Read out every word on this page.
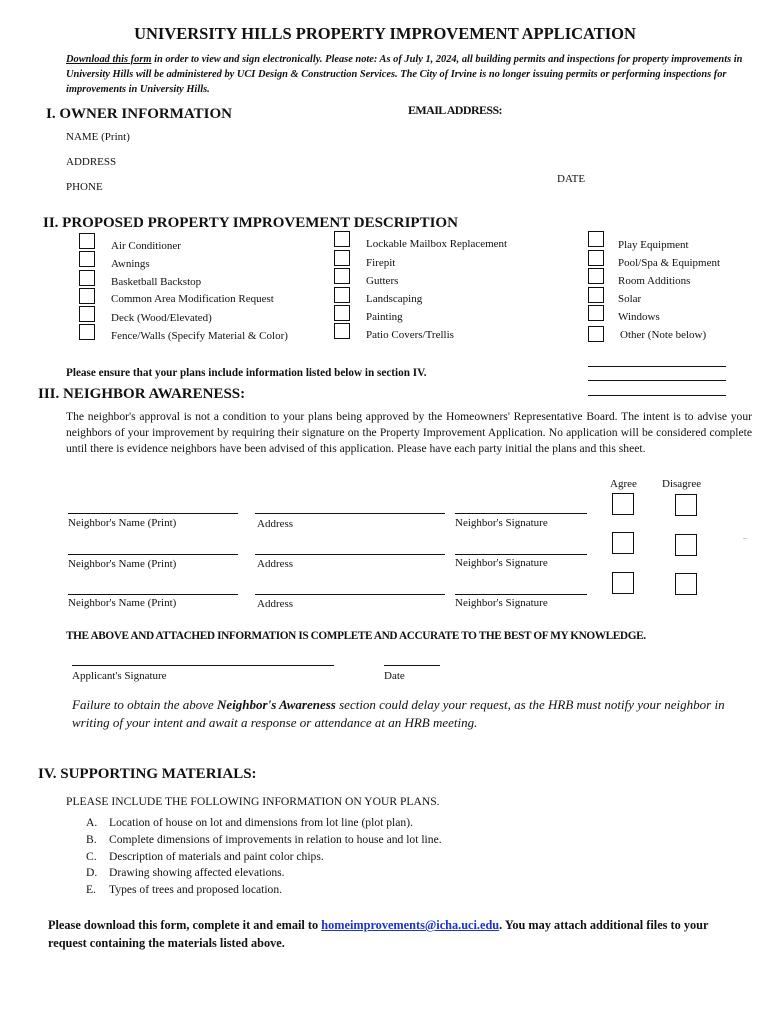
UNIVERSITY HILLS PROPERTY IMPROVEMENT APPLICATION
Download this form in order to view and sign electronically. Please note: As of July 1, 2024, all building permits and inspections for property improvements in University Hills will be administered by UCI Design & Construction Services. The City of Irvine is no longer issuing permits or performing inspections for improvements in University Hills.
I. OWNER INFORMATION	EMAIL ADDRESS:
NAME (Print)
ADDRESS
DATE
PHONE
II. PROPOSED PROPERTY IMPROVEMENT DESCRIPTION
Air Conditioner
Awnings
Basketball Backstop
Common Area Modification Request
Deck (Wood/Elevated)
Fence/Walls (Specify Material & Color)
Lockable Mailbox Replacement
Firepit
Gutters
Landscaping
Painting
Patio Covers/Trellis
Play Equipment
Pool/Spa & Equipment
Room Additions
Solar
Windows
Other (Note below)
Please ensure that your plans include information listed below in section IV.
III. NEIGHBOR AWARENESS:
The neighbor's approval is not a condition to your plans being approved by the Homeowners' Representative Board. The intent is to advise your neighbors of your improvement by requiring their signature on the Property Improvement Application. No application will be considered complete until there is evidence neighbors have been advised of this application. Please have each party initial the plans and this sheet.
Agree Disagree
Neighbor's Name (Print)	Address	Neighbor's Signature
Neighbor's Name (Print)	Address	Neighbor's Signature
..
Neighbor's Name (Print)	Address	Neighbor's Signature
THE ABOVE AND ATTACHED INFORMATION IS COMPLETE AND ACCURATE TO THE BEST OF MY KNOWLEDGE.
Applicant's Signature	Date
Failure to obtain the above Neighbor's Awareness section could delay your request, as the HRB must notify your neighbor in writing of your intent and await a response or attendance at an HRB meeting.
IV. SUPPORTING MATERIALS:
PLEASE INCLUDE THE FOLLOWING INFORMATION ON YOUR PLANS.
A. Location of house on lot and dimensions from lot line (plot plan).
B. Complete dimensions of improvements in relation to house and lot line.
C. Description of materials and paint color chips.
D. Drawing showing affected elevations.
E. Types of trees and proposed location.
Please download this form, complete it and email to homeimprovements@icha.uci.edu. You may attach additional files to your request containing the materials listed above.
